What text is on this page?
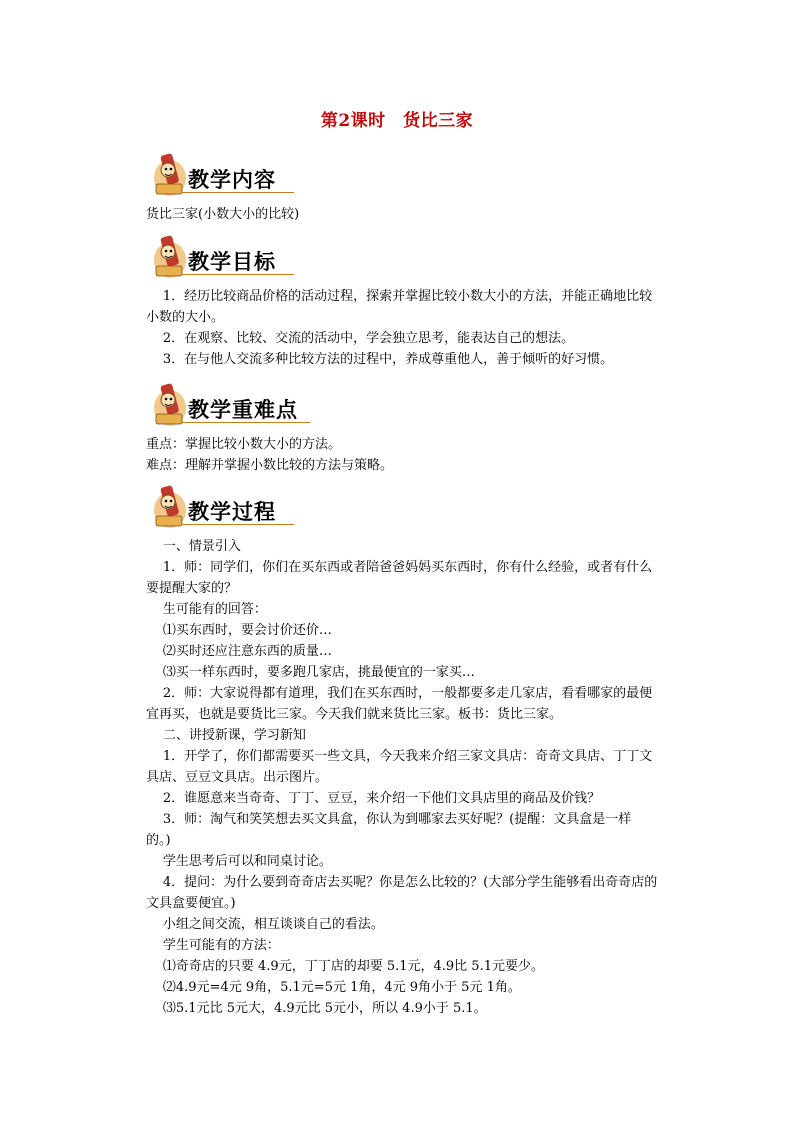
第2课时　货比三家
教学内容

货比三家(小数大小的比较)

教学目标

1．经历比较商品价格的活动过程，探索并掌握比较小数大小的方法，并能正确地比较

小数的大小。

2．在观察、比较、交流的活动中，学会独立思考，能表达自己的想法。

3．在与他人交流多种比较方法的过程中，养成尊重他人，善于倾听的好习惯。

教学重难点

重点：掌握比较小数大小的方法。

难点：理解并掌握小数比较的方法与策略。

教学过程

一、情景引入

1．师：同学们，你们在买东西或者陪爸爸妈妈买东西时，你有什么经验，或者有什么

要提醒大家的？

生可能有的回答：

⑴买东西时，要会讨价还价…

⑵买时还应注意东西的质量…

⑶买一样东西时，要多跑几家店，挑最便宜的一家买…

2．师：大家说得都有道理，我们在买东西时，一般都要多走几家店，看看哪家的最便

宜再买，也就是要货比三家。今天我们就来货比三家。板书：货比三家。

二、讲授新课，学习新知

1．开学了，你们都需要买一些文具，今天我来介绍三家文具店：奇奇文具店、丁丁文

具店、豆豆文具店。出示图片。

2．谁愿意来当奇奇、丁丁、豆豆，来介绍一下他们文具店里的商品及价钱？

3．师：淘气和笑笑想去买文具盒，你认为到哪家去买好呢？(提醒：文具盒是一样

的。)

学生思考后可以和同桌讨论。

4．提问：为什么要到奇奇店去买呢？你是怎么比较的？(大部分学生能够看出奇奇店的

文具盒要便宜。)

小组之间交流，相互谈谈自己的看法。

学生可能有的方法：

⑴奇奇店的只要 4.9元，丁丁店的却要 5.1元，4.9比 5.1元要少。

⑵4.9元=4元 9角，5.1元=5元 1角，4元 9角小于 5元 1角。

⑶5.1元比 5元大，4.9元比 5元小，所以 4.9小于 5.1。
